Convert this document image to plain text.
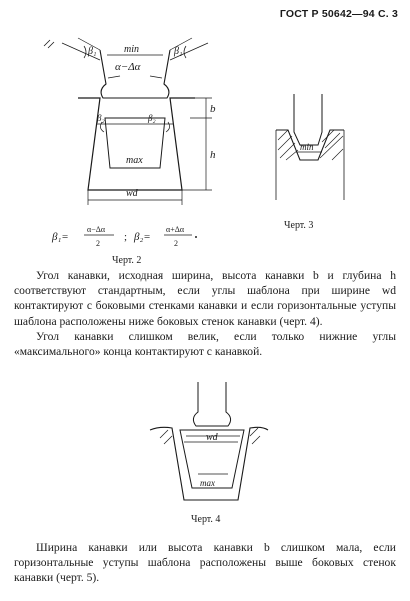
ГОСТ Р 50642—94 С. 3
min
α−Δα
β₁	β₁
β₂	β₂
b
h
max
wd
β₁=
α−Δα
2
; β₂=
α+Δα
2
Черт. 2
min
Черт. 3
wd
max
Черт. 4

Угол канавки, исходная ширина, высота канавки b и глубина h соответствуют стандартным, если углы шаблона при ширине wd контактируют с боковыми стенками канавки и если горизонтальные уступы шаблона расположены ниже боковых стенок канавки (черт. 4).

Угол канавки слишком велик, если только нижние углы «максимального» конца контактируют с канавкой.

Ширина канавки или высота канавки b слишком мала, если горизонтальные уступы шаблона расположены выше боковых стенок канавки (черт. 5).
